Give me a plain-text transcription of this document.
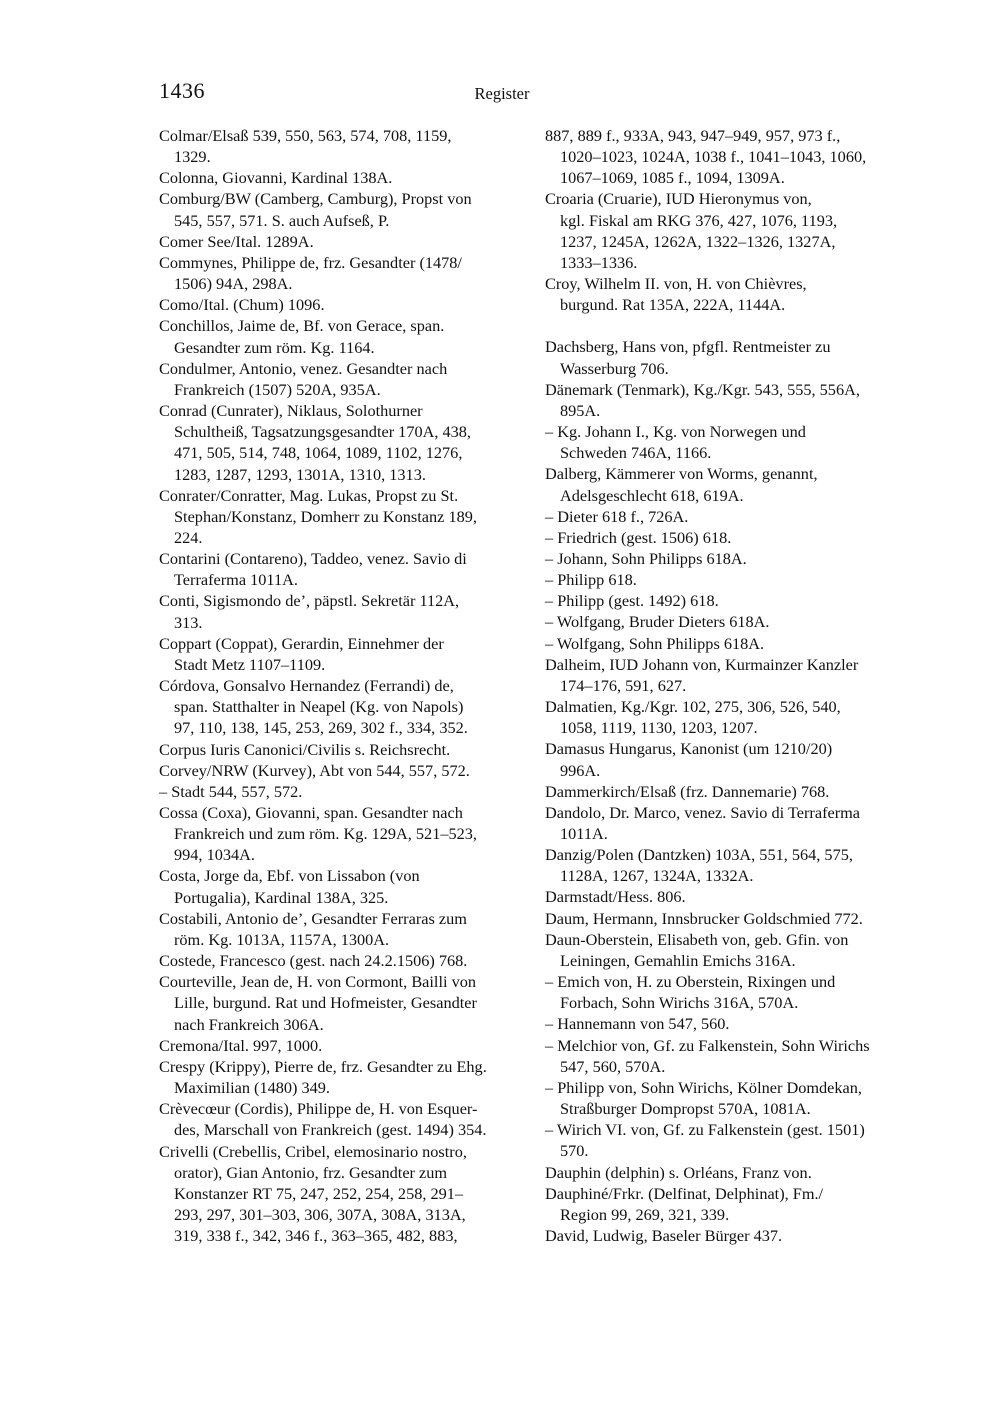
1436	Register
Colmar/Elsaß 539, 550, 563, 574, 708, 1159,
1329.
Colonna, Giovanni, Kardinal 138A.
Comburg/BW (Camberg, Camburg), Propst von
545, 557, 571. S. auch Aufseß, P.
Comer See/Ital. 1289A.
Commynes, Philippe de, frz. Gesandter (1478/
1506) 94A, 298A.
Como/Ital. (Chum) 1096.
Conchillos, Jaime de, Bf. von Gerace, span.
Gesandter zum röm. Kg. 1164.
Condulmer, Antonio, venez. Gesandter nach
Frankreich (1507) 520A, 935A.
Conrad (Cunrater), Niklaus, Solothurner
Schultheiß, Tagsatzungsgesandter 170A, 438,
471, 505, 514, 748, 1064, 1089, 1102, 1276,
1283, 1287, 1293, 1301A, 1310, 1313.
Conrater/Conratter, Mag. Lukas, Propst zu St.
Stephan/Konstanz, Domherr zu Konstanz 189,
224.
Contarini (Contareno), Taddeo, venez. Savio di
Terraferma 1011A.
Conti, Sigismondo de’, päpstl. Sekretär 112A,
313.
Coppart (Coppat), Gerardin, Einnehmer der
Stadt Metz 1107–1109.
Córdova, Gonsalvo Hernandez (Ferrandi) de,
span. Statthalter in Neapel (Kg. von Napols)
97, 110, 138, 145, 253, 269, 302 f., 334, 352.
Corpus Iuris Canonici/Civilis s. Reichsrecht.
Corvey/NRW (Kurvey), Abt von 544, 557, 572.
– Stadt 544, 557, 572.
Cossa (Coxa), Giovanni, span. Gesandter nach
Frankreich und zum röm. Kg. 129A, 521–523,
994, 1034A.
Costa, Jorge da, Ebf. von Lissabon (von
Portugalia), Kardinal 138A, 325.
Costabili, Antonio de’, Gesandter Ferraras zum
röm. Kg. 1013A, 1157A, 1300A.
Costede, Francesco (gest. nach 24.2.1506) 768.
Courteville, Jean de, H. von Cormont, Bailli von
Lille, burgund. Rat und Hofmeister, Gesandter
nach Frankreich 306A.
Cremona/Ital. 997, 1000.
Crespy (Krippy), Pierre de, frz. Gesandter zu Ehg.
Maximilian (1480) 349.
Crèvecœur (Cordis), Philippe de, H. von Esquer-
des, Marschall von Frankreich (gest. 1494) 354.
Crivelli (Crebellis, Cribel, elemosinario nostro,
orator), Gian Antonio, frz. Gesandter zum
Konstanzer RT 75, 247, 252, 254, 258, 291–
293, 297, 301–303, 306, 307A, 308A, 313A,
319, 338 f., 342, 346 f., 363–365, 482, 883,
887, 889 f., 933A, 943, 947–949, 957, 973 f.,
1020–1023, 1024A, 1038 f., 1041–1043, 1060,
1067–1069, 1085 f., 1094, 1309A.
Croaria (Cruarie), IUD Hieronymus von,
kgl. Fiskal am RKG 376, 427, 1076, 1193,
1237, 1245A, 1262A, 1322–1326, 1327A,
1333–1336.
Croy, Wilhelm II. von, H. von Chièvres,
burgund. Rat 135A, 222A, 1144A.
Dachsberg, Hans von, pfgfl. Rentmeister zu
Wasserburg 706.
Dänemark (Tenmark), Kg./Kgr. 543, 555, 556A,
895A.
– Kg. Johann I., Kg. von Norwegen und
Schweden 746A, 1166.
Dalberg, Kämmerer von Worms, genannt,
Adelsgeschlecht 618, 619A.
– Dieter 618 f., 726A.
– Friedrich (gest. 1506) 618.
– Johann, Sohn Philipps 618A.
– Philipp 618.
– Philipp (gest. 1492) 618.
– Wolfgang, Bruder Dieters 618A.
– Wolfgang, Sohn Philipps 618A.
Dalheim, IUD Johann von, Kurmainzer Kanzler
174–176, 591, 627.
Dalmatien, Kg./Kgr. 102, 275, 306, 526, 540,
1058, 1119, 1130, 1203, 1207.
Damasus Hungarus, Kanonist (um 1210/20)
996A.
Dammerkirch/Elsaß (frz. Dannemarie) 768.
Dandolo, Dr. Marco, venez. Savio di Terraferma
1011A.
Danzig/Polen (Dantzken) 103A, 551, 564, 575,
1128A, 1267, 1324A, 1332A.
Darmstadt/Hess. 806.
Daum, Hermann, Innsbrucker Goldschmied 772.
Daun-Oberstein, Elisabeth von, geb. Gfin. von
Leiningen, Gemahlin Emichs 316A.
– Emich von, H. zu Oberstein, Rixingen und
Forbach, Sohn Wirichs 316A, 570A.
– Hannemann von 547, 560.
– Melchior von, Gf. zu Falkenstein, Sohn Wirichs
547, 560, 570A.
– Philipp von, Sohn Wirichs, Kölner Domdekan,
Straßburger Dompropst 570A, 1081A.
– Wirich VI. von, Gf. zu Falkenstein (gest. 1501)
570.
Dauphin (delphin) s. Orléans, Franz von.
Dauphiné/Frkr. (Delfinat, Delphinat), Fm./
Region 99, 269, 321, 339.
David, Ludwig, Baseler Bürger 437.
